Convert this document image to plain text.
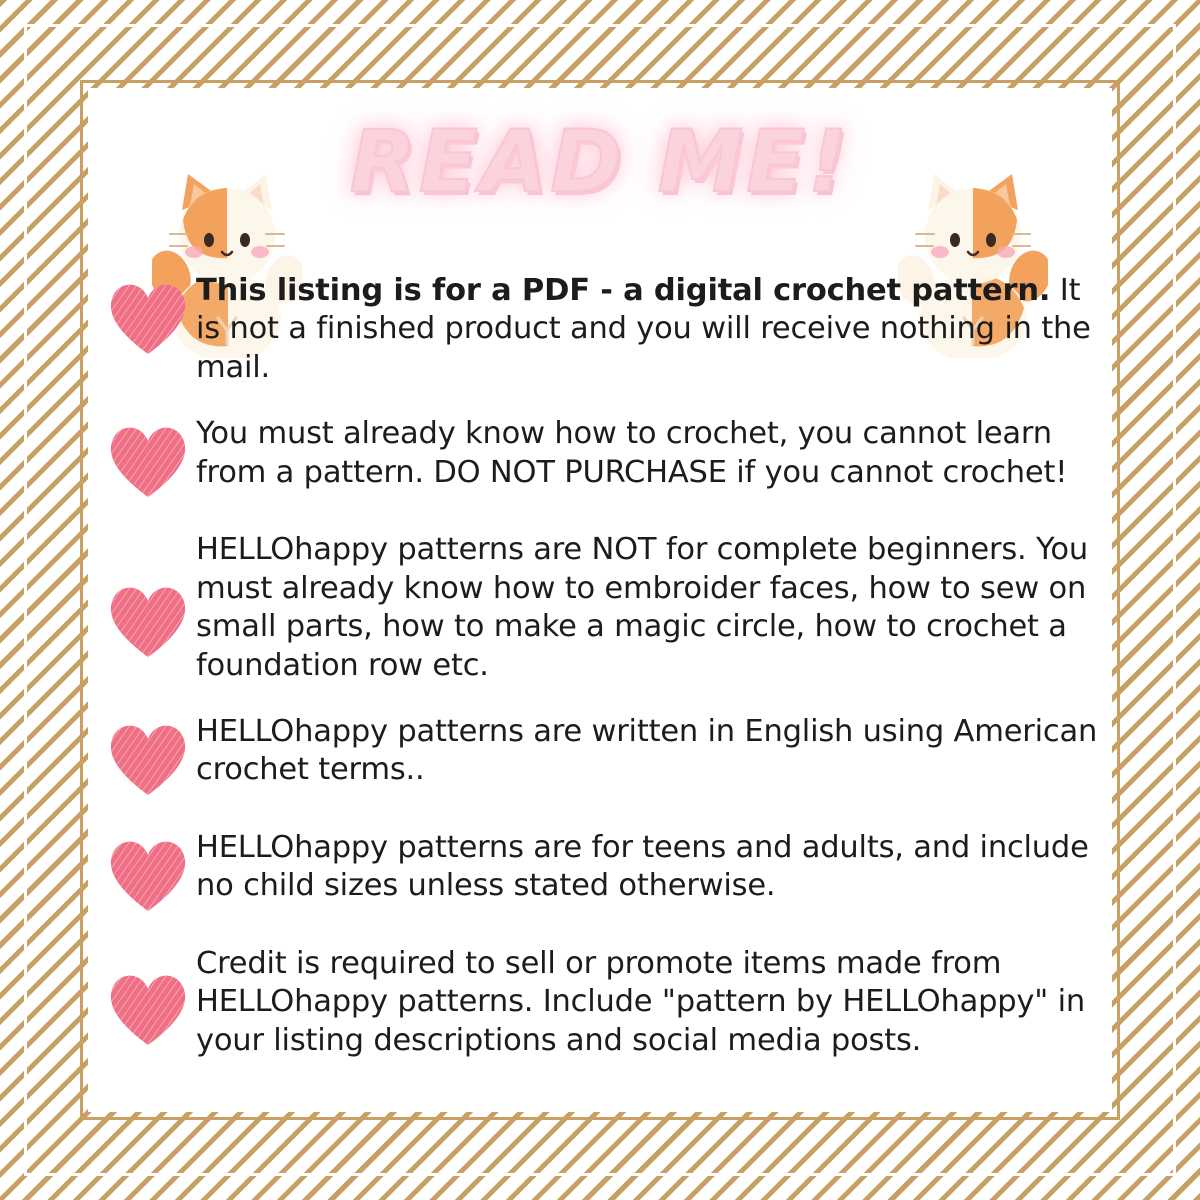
READ ME!
This listing is for a PDF - a digital crochet pattern. It is not a finished product and you will receive nothing in the mail.
You must already know how to crochet, you cannot learn from a pattern. DO NOT PURCHASE if you cannot crochet!
HELLOhappy patterns are NOT for complete beginners. You must already know how to embroider faces, how to sew on small parts, how to make a magic circle, how to crochet a foundation row etc.
HELLOhappy patterns are written in English using American crochet terms..
HELLOhappy patterns are for teens and adults, and include no child sizes unless stated otherwise.
Credit is required to sell or promote items made from HELLOhappy patterns. Include "pattern by HELLOhappy" in your listing descriptions and social media posts.
